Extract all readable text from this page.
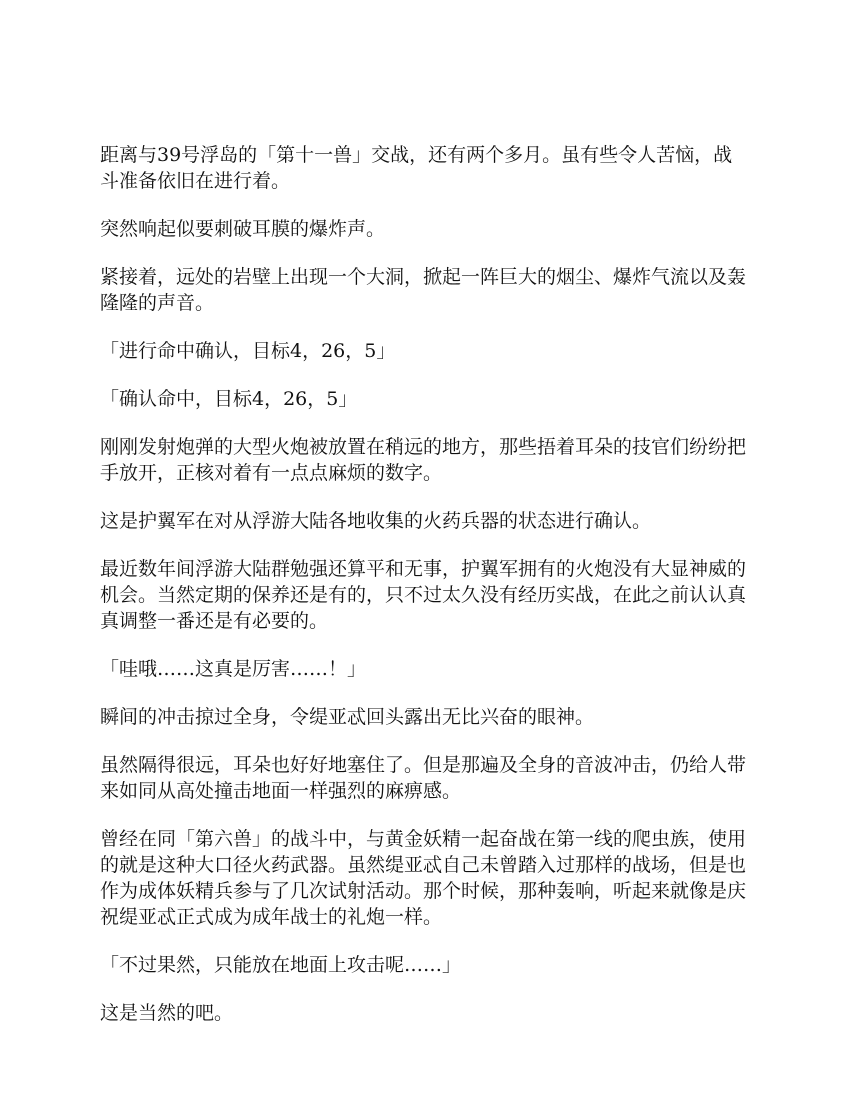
距离与39号浮岛的「第十一兽」交战，还有两个多月。虽有些令人苦恼，战斗准备依旧在进行着。

突然响起似要刺破耳膜的爆炸声。

紧接着，远处的岩壁上出现一个大洞，掀起一阵巨大的烟尘、爆炸气流以及轰隆隆的声音。

「进行命中确认，目标4，26，5」

「确认命中，目标4，26，5」

刚刚发射炮弹的大型火炮被放置在稍远的地方，那些捂着耳朵的技官们纷纷把手放开，正核对着有一点点麻烦的数字。

这是护翼军在对从浮游大陆各地收集的火药兵器的状态进行确认。

最近数年间浮游大陆群勉强还算平和无事，护翼军拥有的火炮没有大显神威的机会。当然定期的保养还是有的，只不过太久没有经历实战，在此之前认认真真调整一番还是有必要的。

「哇哦……这真是厉害……！」

瞬间的冲击掠过全身，令缇亚忒回头露出无比兴奋的眼神。

虽然隔得很远，耳朵也好好地塞住了。但是那遍及全身的音波冲击，仍给人带来如同从高处撞击地面一样强烈的麻痹感。

曾经在同「第六兽」的战斗中，与黄金妖精一起奋战在第一线的爬虫族，使用的就是这种大口径火药武器。虽然缇亚忒自己未曾踏入过那样的战场，但是也作为成体妖精兵参与了几次试射活动。那个时候，那种轰响，听起来就像是庆祝缇亚忒正式成为成年战士的礼炮一样。

「不过果然，只能放在地面上攻击呢……」

这是当然的吧。
